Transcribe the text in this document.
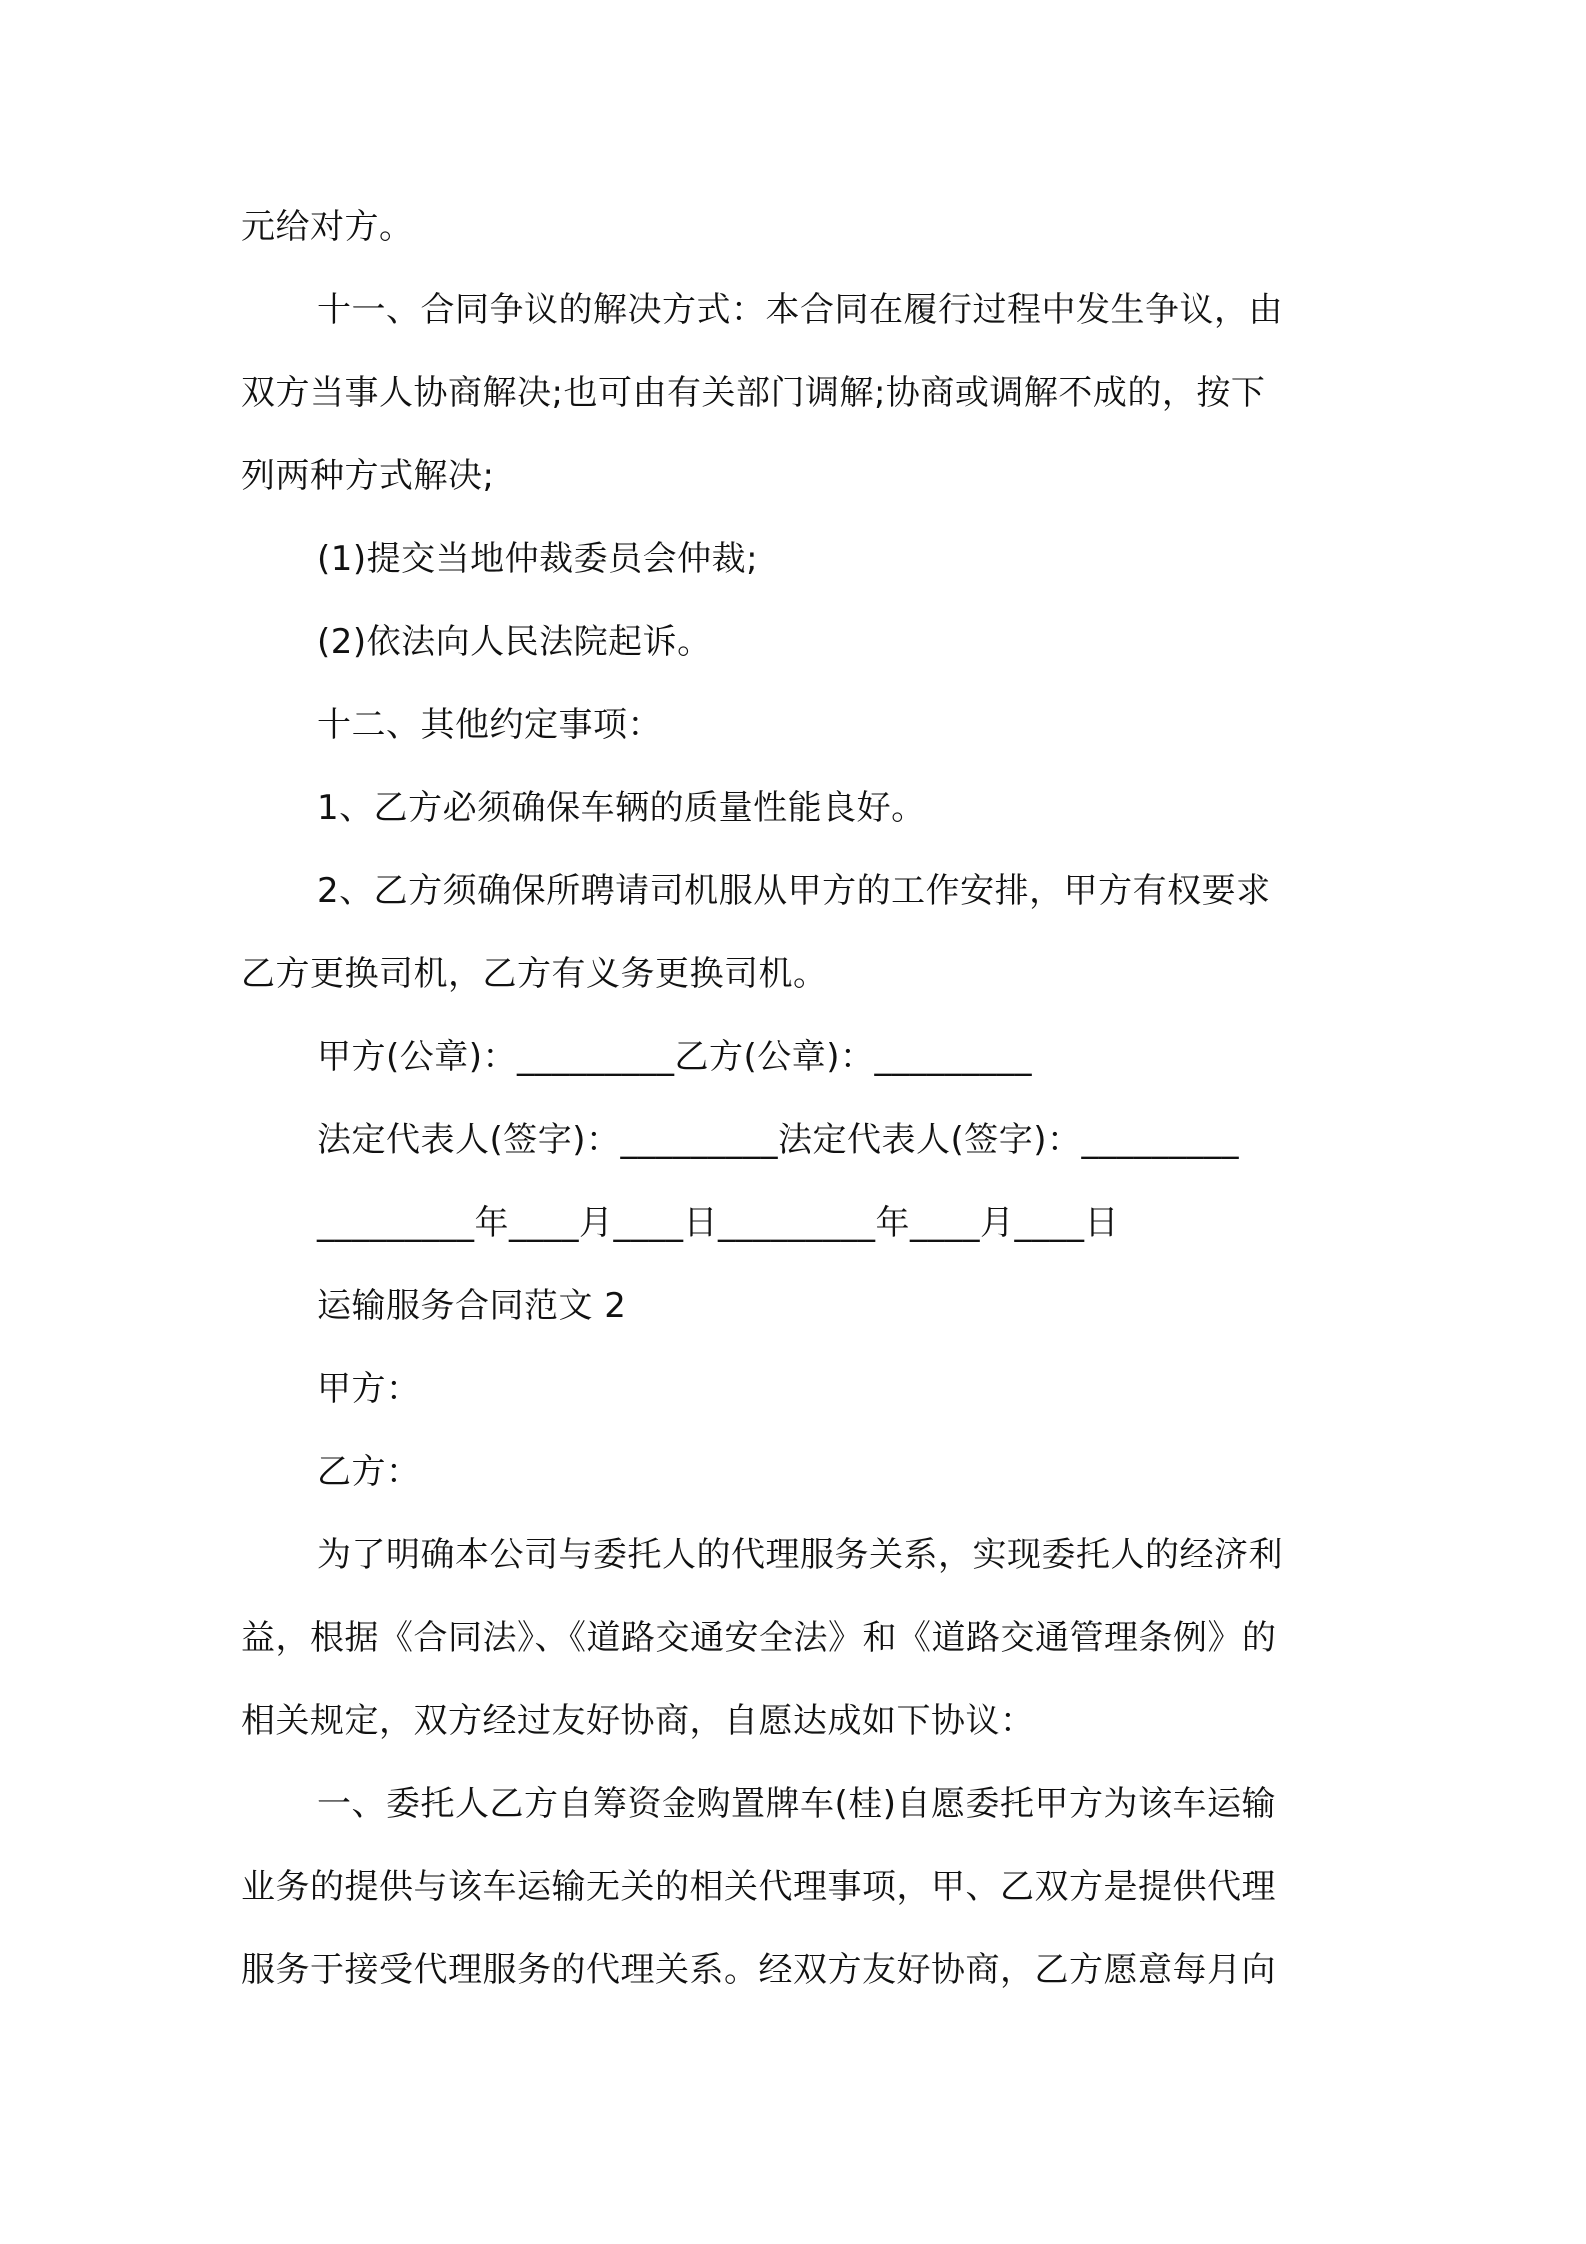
元给对方。

十一、合同争议的解决方式：本合同在履行过程中发生争议，由

双方当事人协商解决;也可由有关部门调解;协商或调解不成的，按下

列两种方式解决;

(1)提交当地仲裁委员会仲裁;

(2)依法向人民法院起诉。

十二、其他约定事项：

1、乙方必须确保车辆的质量性能良好。

2、乙方须确保所聘请司机服从甲方的工作安排，甲方有权要求

乙方更换司机，乙方有义务更换司机。

甲方(公章)：_________乙方(公章)：_________

法定代表人(签字)：_________法定代表人(签字)：_________

_________年____月____日_________年____月____日

运输服务合同范文 2

甲方：

乙方：

为了明确本公司与委托人的代理服务关系，实现委托人的经济利

益，根据《合同法》、《道路交通安全法》和《道路交通管理条例》的

相关规定，双方经过友好协商，自愿达成如下协议：

一、委托人乙方自筹资金购置牌车(桂)自愿委托甲方为该车运输

业务的提供与该车运输无关的相关代理事项，甲、乙双方是提供代理

服务于接受代理服务的代理关系。经双方友好协商，乙方愿意每月向
